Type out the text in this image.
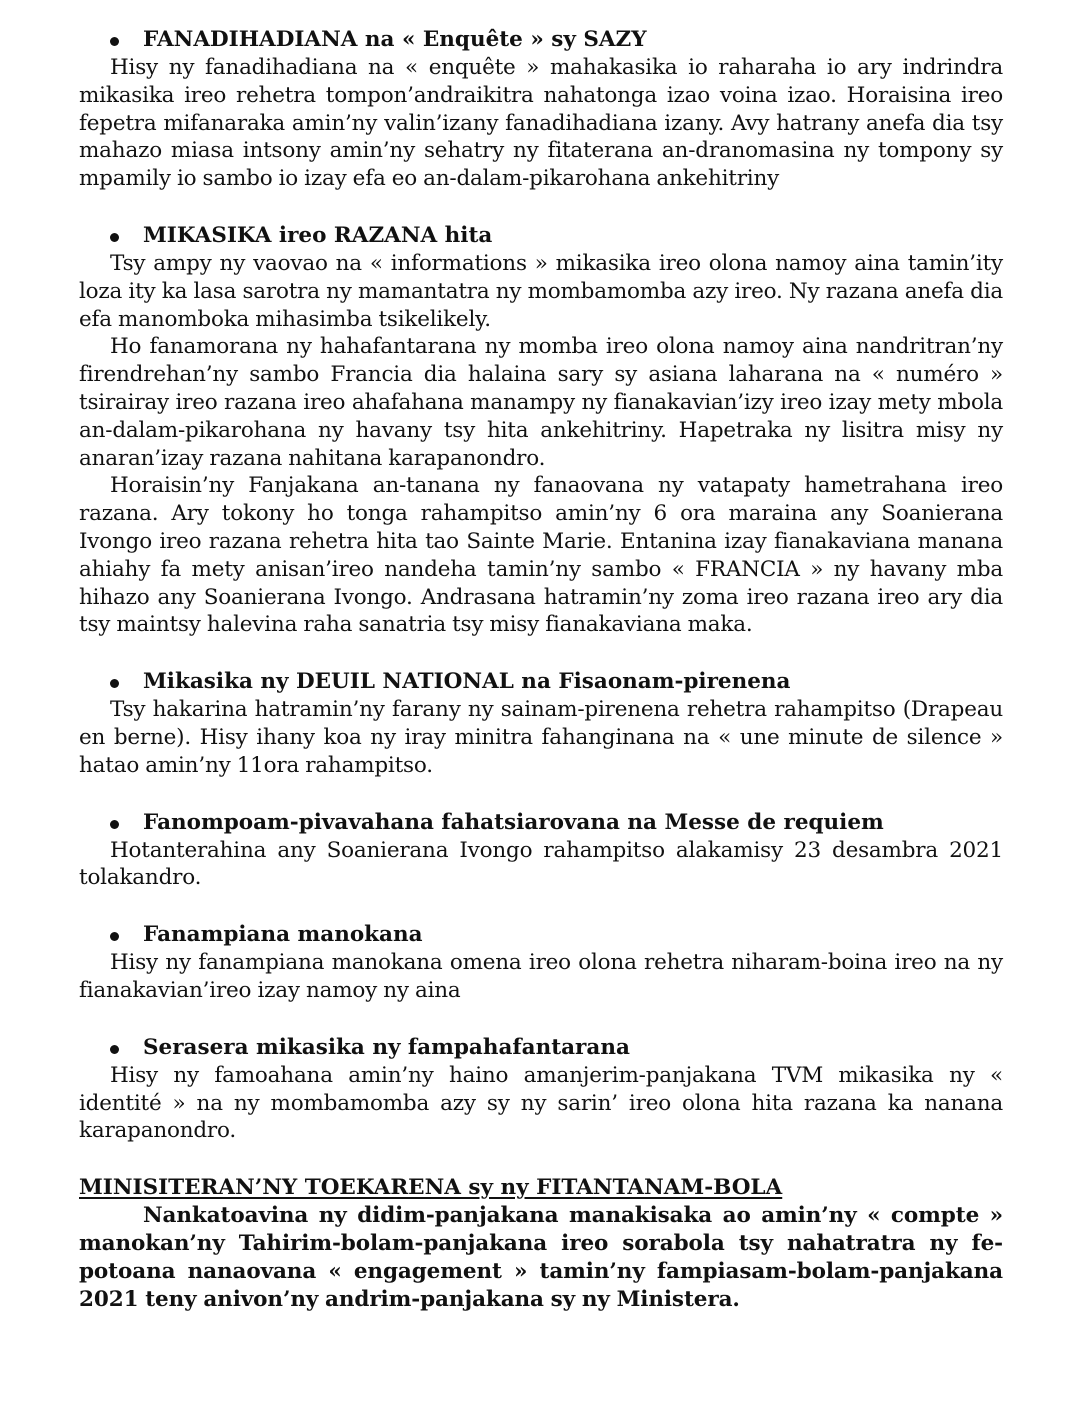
FANADIHADIANA na « Enquête » sy SAZY

Hisy ny fanadihadiana na « enquête » mahakasika io raharaha io ary indrindra mikasika ireo rehetra tompon’andraikitra nahatonga izao voina izao. Horaisina ireo fepetra mifanaraka amin’ny valin’izany fanadihadiana izany. Avy hatrany anefa dia tsy mahazo miasa intsony amin’ny sehatry ny fitaterana an-dranomasina ny tompony sy mpamily io sambo io izay efa eo an-dalam-pikarohana ankehitriny

MIKASIKA ireo RAZANA hita

Tsy ampy ny vaovao na « informations » mikasika ireo olona namoy aina tamin’ity loza ity ka lasa sarotra ny mamantatra ny mombamomba azy ireo. Ny razana anefa dia efa manomboka mihasimba tsikelikely.

Ho fanamorana ny hahafantarana ny momba ireo olona namoy aina nandritran’ny firendrehan’ny sambo Francia dia halaina sary sy asiana laharana na « numéro » tsirairay ireo razana ireo ahafahana manampy ny fianakavian’izy ireo izay mety mbola an-dalam-pikarohana ny havany tsy hita ankehitriny. Hapetraka ny lisitra misy ny anaran’izay razana nahitana karapanondro.

Horaisin’ny Fanjakana an-tanana ny fanaovana ny vatapaty hametrahana ireo razana. Ary tokony ho tonga rahampitso amin’ny 6 ora maraina any Soanierana Ivongo ireo razana rehetra hita tao Sainte Marie. Entanina izay fianakaviana manana ahiahy fa mety anisan’ireo nandeha tamin’ny sambo « FRANCIA » ny havany mba hihazo any Soanierana Ivongo. Andrasana hatramin’ny zoma ireo razana ireo ary dia tsy maintsy halevina raha sanatria tsy misy fianakaviana maka.

Mikasika ny DEUIL NATIONAL na Fisaonam-pirenena

Tsy hakarina hatramin’ny farany ny sainam-pirenena rehetra rahampitso (Drapeau en berne). Hisy ihany koa ny iray minitra fahanginana na « une minute de silence » hatao amin’ny 11ora rahampitso.

Fanompoam-pivavahana fahatsiarovana na Messe de requiem

Hotanterahina any Soanierana Ivongo rahampitso alakamisy 23 desambra 2021 tolakandro.

Fanampiana manokana

Hisy ny fanampiana manokana omena ireo olona rehetra niharam-boina ireo na ny fianakavian’ireo izay namoy ny aina

Serasera mikasika ny fampahafantarana

Hisy ny famoahana amin’ny haino amanjerim-panjakana TVM mikasika ny « identité » na ny mombamomba azy sy ny sarin’ ireo olona hita razana ka nanana karapanondro.

MINISITERAN’NY TOEKARENA sy ny FITANTANAM-BOLA

Nankatoavina ny didim-panjakana manakisaka ao amin’ny « compte » manokan’ny Tahirim-bolam-panjakana ireo sorabola tsy nahatratra ny fe-potoana nanaovana « engagement » tamin’ny fampiasam-bolam-panjakana 2021 teny anivon’ny andrim-panjakana sy ny Ministera.
